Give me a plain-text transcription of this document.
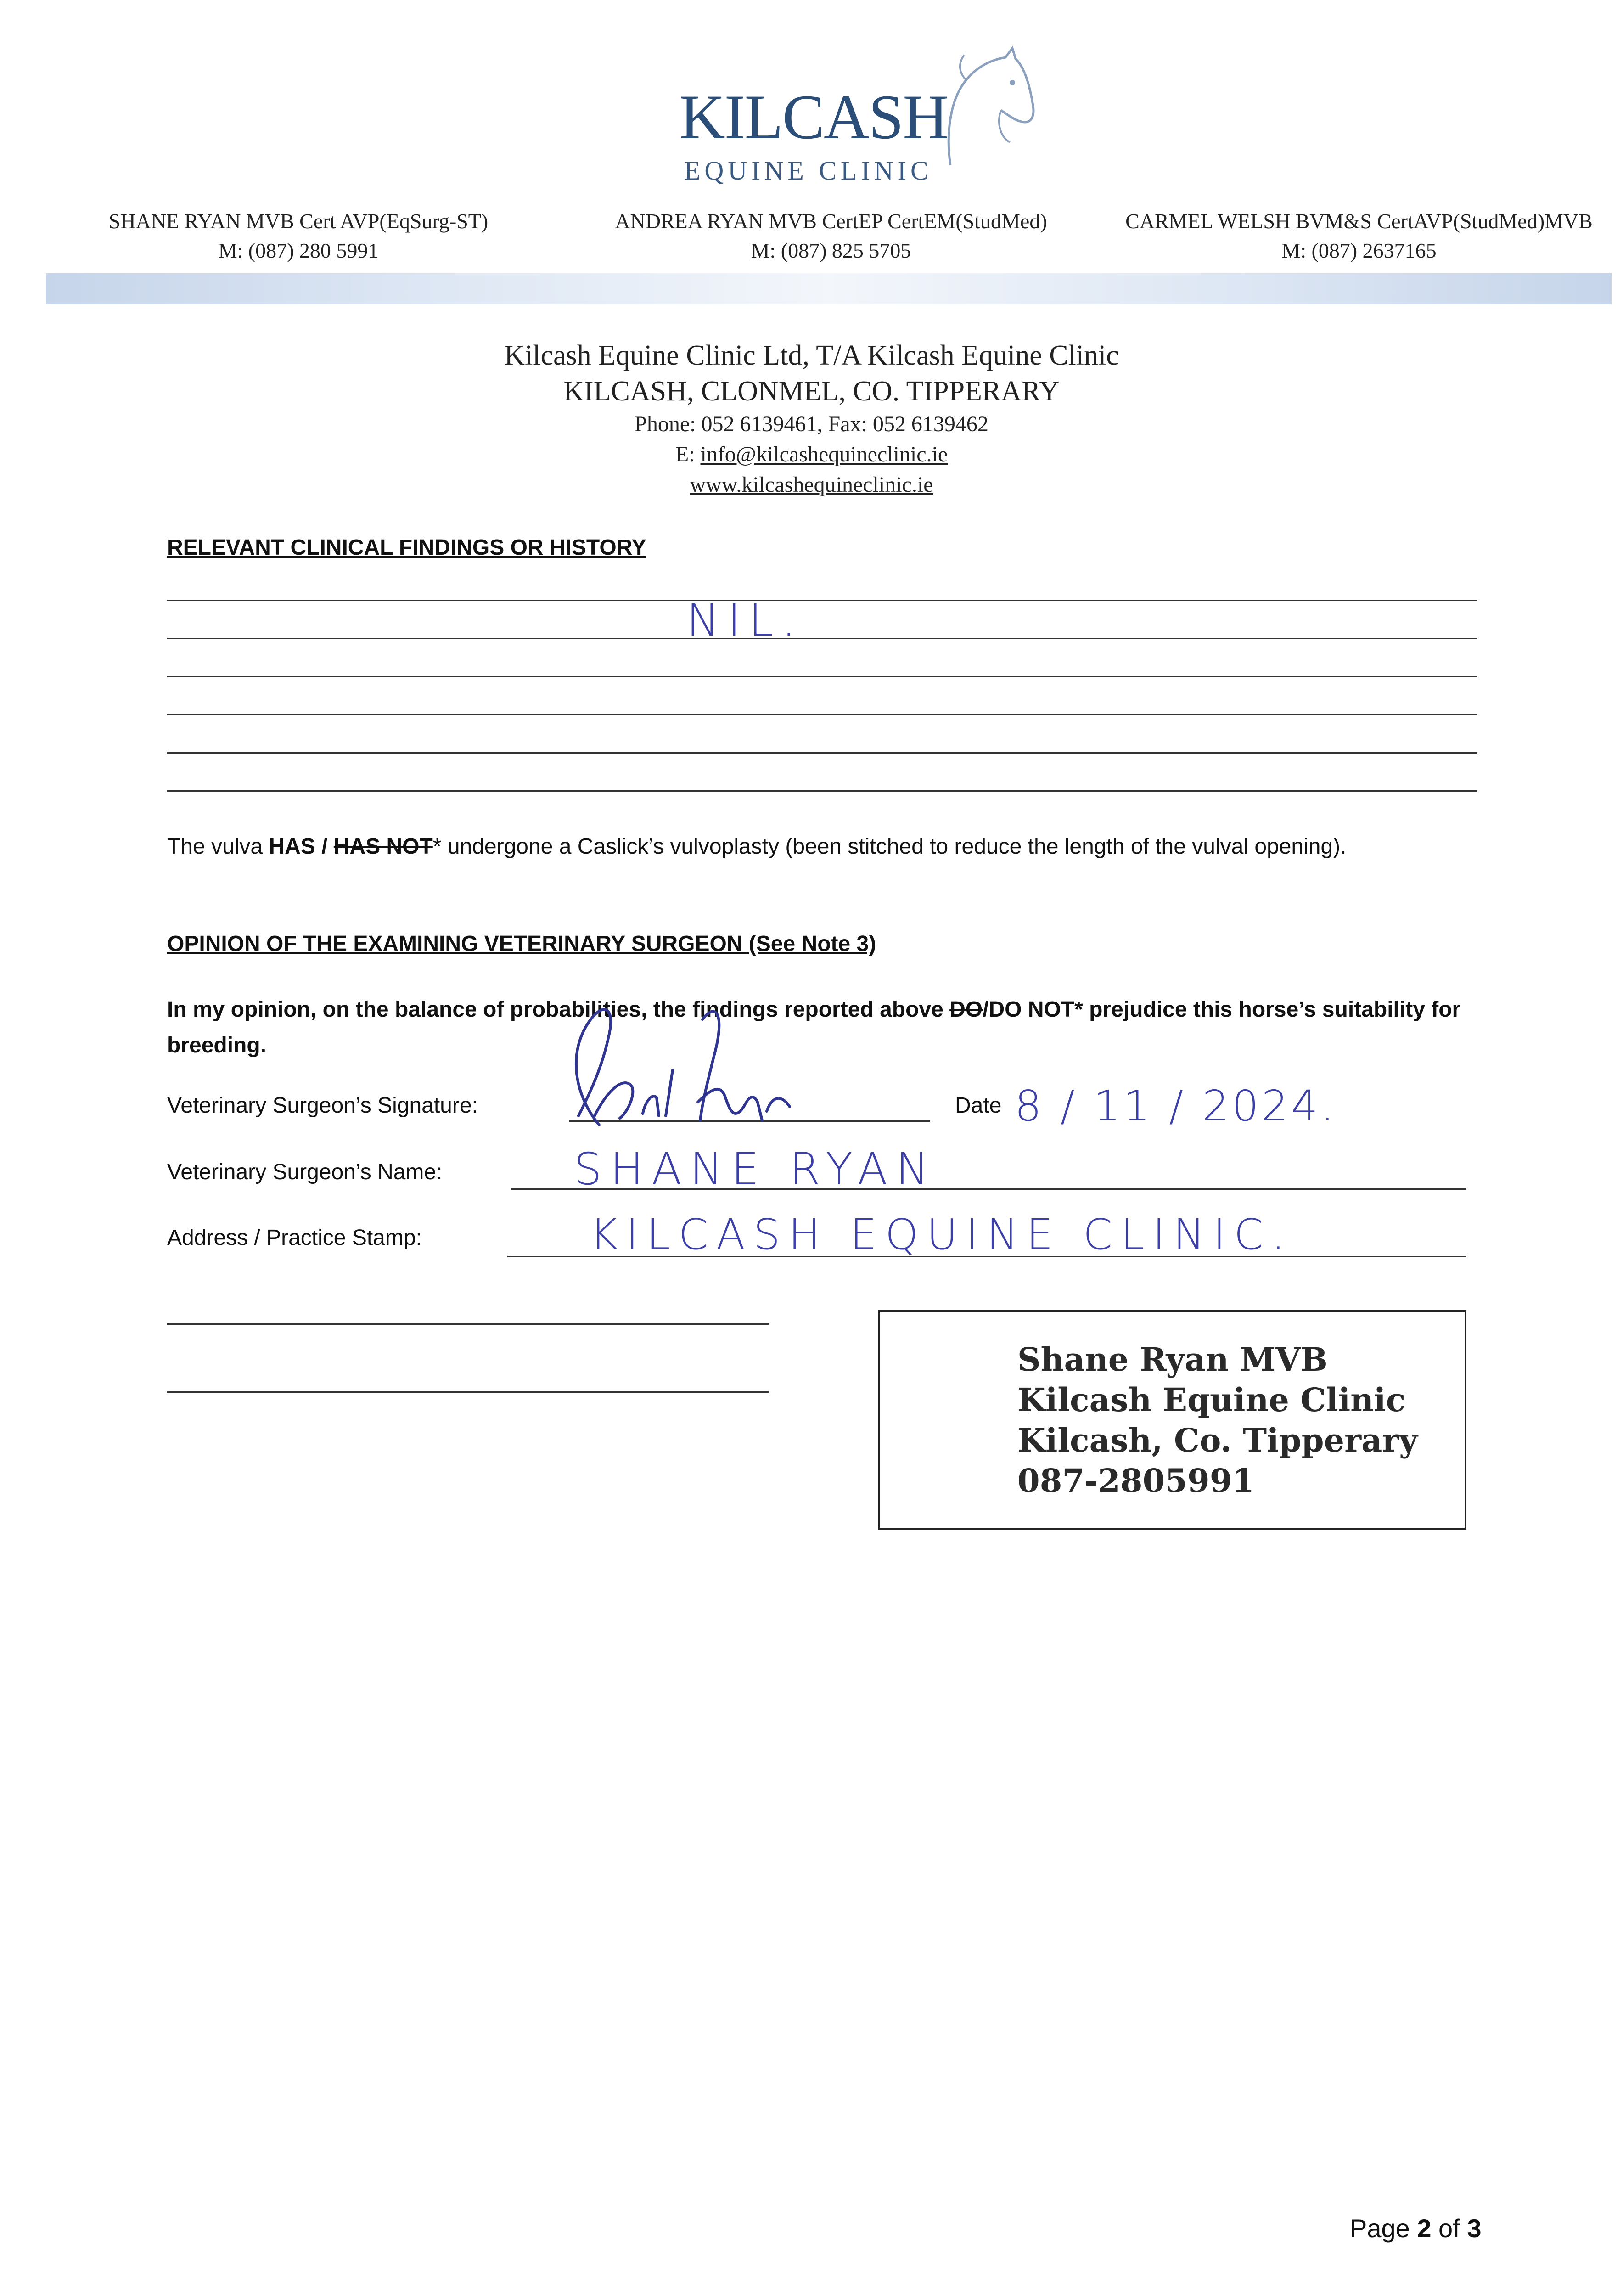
KILCASH
EQUINE CLINIC
SHANE RYAN MVB Cert AVP(EqSurg-ST)
M: (087) 280 5991
ANDREA RYAN MVB CertEP CertEM(StudMed)
M: (087) 825 5705
CARMEL WELSH BVM&S CertAVP(StudMed)MVB
M: (087) 2637165
Kilcash Equine Clinic Ltd, T/A Kilcash Equine Clinic
KILCASH, CLONMEL, CO. TIPPERARY
Phone: 052 6139461, Fax: 052 6139462
E: info@kilcashequineclinic.ie
www.kilcashequineclinic.ie
RELEVANT CLINICAL FINDINGS OR HISTORY
NIL.
The vulva HAS / HAS NOT* undergone a Caslick’s vulvoplasty (been stitched to reduce the length of the vulval opening).
OPINION OF THE EXAMINING VETERINARY SURGEON (See Note 3)
In my opinion, on the balance of probabilities, the findings reported above DO/DO NOT* prejudice this horse’s suitability for breeding.
Veterinary Surgeon’s Signature:	Date 8 / 11 / 2024.
Veterinary Surgeon’s Name:	SHANE RYAN
Address / Practice Stamp:	KILCASH EQUINE CLINIC.
Shane Ryan MVB
Kilcash Equine Clinic
Kilcash, Co. Tipperary
087-2805991
Page 2 of 3
